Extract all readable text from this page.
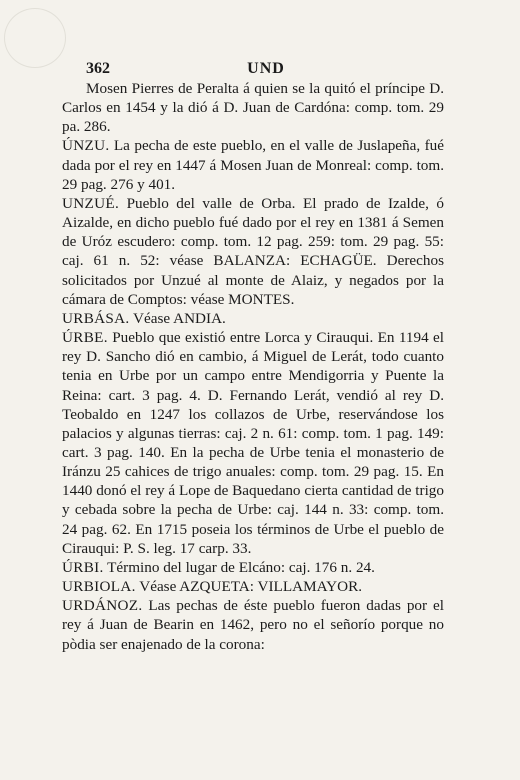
362	UND

Mosen Pierres de Peralta á quien se la quitó el príncipe D. Carlos en 1454 y la dió á D. Juan de Cardóna: comp. tom. 29 pa. 286.

ÚNZU. La pecha de este pueblo, en el valle de Juslapeña, fué dada por el rey en 1447 á Mosen Juan de Monreal: comp. tom. 29 pag. 276 y 401.

UNZUÉ. Pueblo del valle de Orba. El prado de Izalde, ó Aizalde, en dicho pueblo fué dado por el rey en 1381 á Semen de Uróz escudero: comp. tom. 12 pag. 259: tom. 29 pag. 55: caj. 61 n. 52: véase BALANZA: ECHAGÜE. Derechos solicitados por Unzué al monte de Alaiz, y negados por la cámara de Comptos: véase MONTES.

URBÁSA. Véase ANDIA.

ÚRBE. Pueblo que existió entre Lorca y Cirauqui. En 1194 el rey D. Sancho dió en cambio, á Miguel de Lerát, todo cuanto tenia en Urbe por un campo entre Mendigorria y Puente la Reina: cart. 3 pag. 4. D. Fernando Lerát, vendió al rey D. Teobaldo en 1247 los collazos de Urbe, reservándose los palacios y algunas tierras: caj. 2 n. 61: comp. tom. 1 pag. 149: cart. 3 pag. 140. En la pecha de Urbe tenia el monasterio de Iránzu 25 cahices de trigo anuales: comp. tom. 29 pag. 15. En 1440 donó el rey á Lope de Baquedano cierta cantidad de trigo y cebada sobre la pecha de Urbe: caj. 144 n. 33: comp. tom. 24 pag. 62. En 1715 poseia los términos de Urbe el pueblo de Cirauqui: P. S. leg. 17 carp. 33.

ÚRBI. Término del lugar de Elcáno: caj. 176 n. 24.

URBIOLA. Véase AZQUETA: VILLAMAYOR.

URDÁNOZ. Las pechas de éste pueblo fueron dadas por el rey á Juan de Bearin en 1462, pero no el señorío porque no pòdia ser enajenado de la corona:
